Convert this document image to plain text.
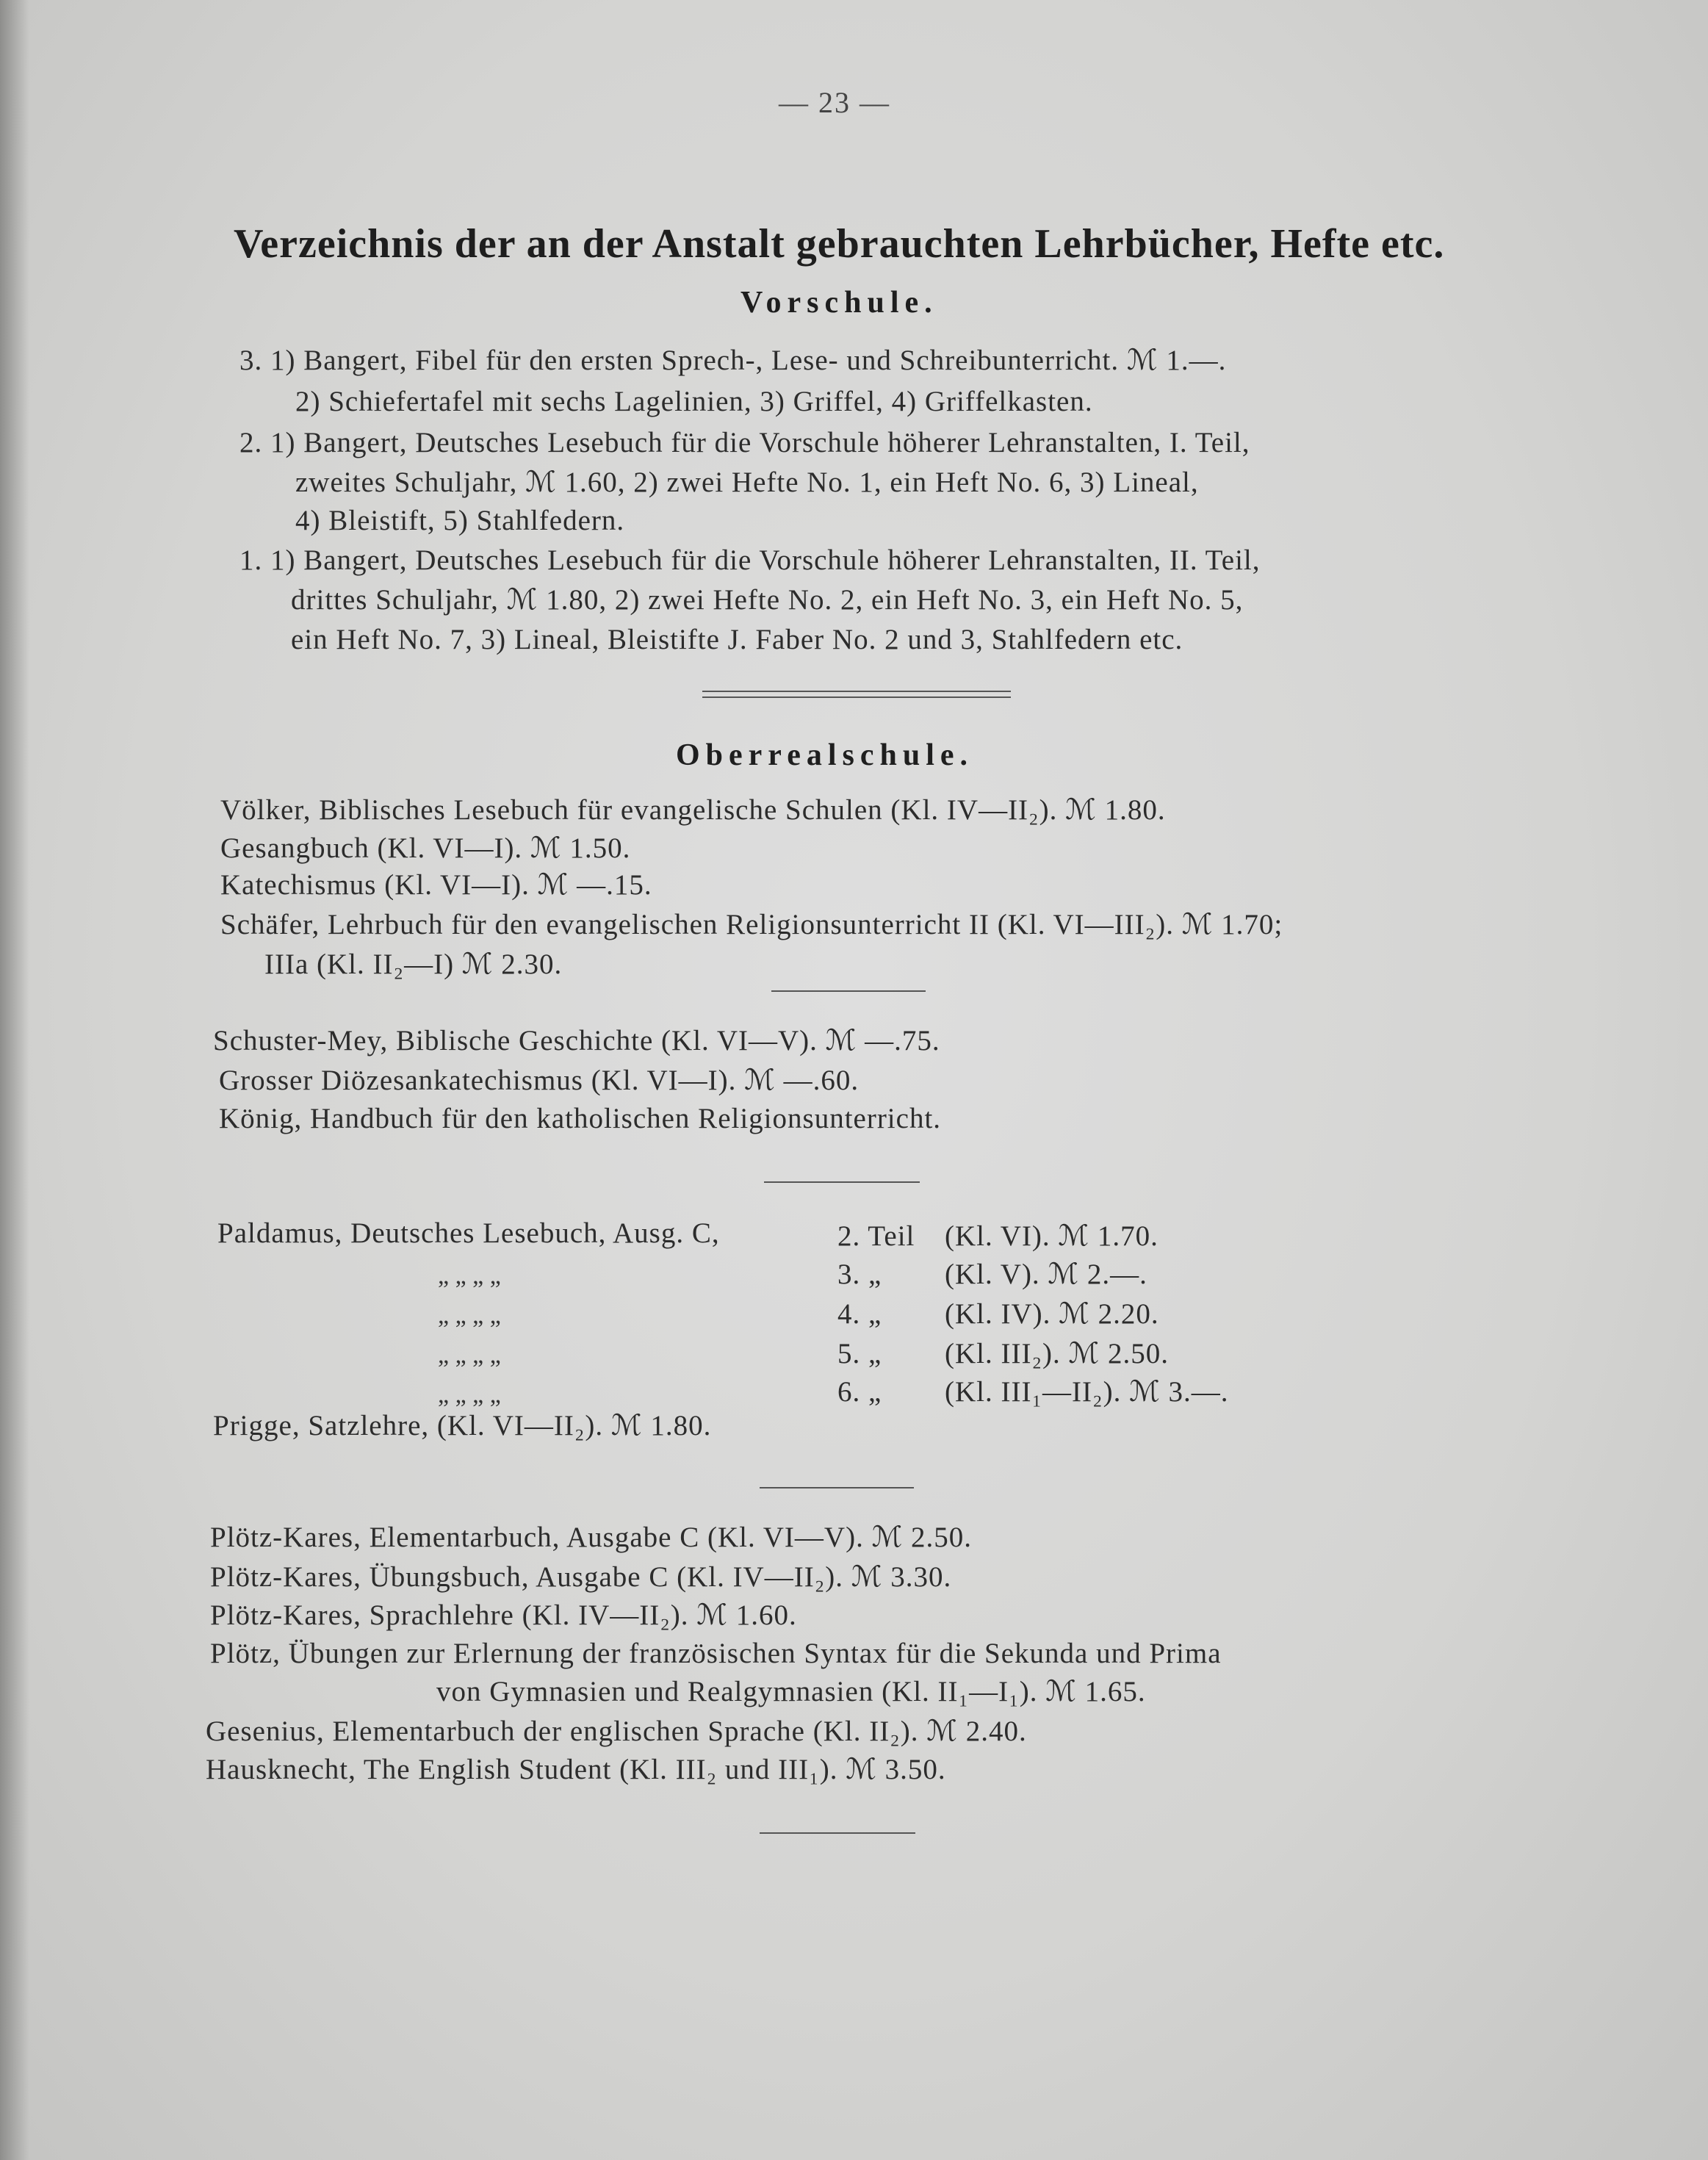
— 23 —
Verzeichnis der an der Anstalt gebrauchten Lehrbücher, Hefte etc.
Vorschule.
3. 1) Bangert, Fibel für den ersten Sprech-, Lese- und Schreibunterricht. ℳ 1.—.
2) Schiefertafel mit sechs Lagelinien, 3) Griffel, 4) Griffelkasten.
2. 1) Bangert, Deutsches Lesebuch für die Vorschule höherer Lehranstalten, I. Teil,
zweites Schuljahr, ℳ 1.60, 2) zwei Hefte No. 1, ein Heft No. 6, 3) Lineal,
4) Bleistift, 5) Stahlfedern.
1. 1) Bangert, Deutsches Lesebuch für die Vorschule höherer Lehranstalten, II. Teil,
drittes Schuljahr, ℳ 1.80, 2) zwei Hefte No. 2, ein Heft No. 3, ein Heft No. 5,
ein Heft No. 7, 3) Lineal, Bleistifte J. Faber No. 2 und 3, Stahlfedern etc.
Oberrealschule.
Völker, Biblisches Lesebuch für evangelische Schulen (Kl. IV—II₂). ℳ 1.80.
Gesangbuch (Kl. VI—I). ℳ 1.50.
Katechismus (Kl. VI—I). ℳ —.15.
Schäfer, Lehrbuch für den evangelischen Religionsunterricht II (Kl. VI—III₂). ℳ 1.70;
IIIa (Kl. II₂—I) ℳ 2.30.
Schuster-Mey, Biblische Geschichte (Kl. VI—V). ℳ —.75.
Grosser Diözesankatechismus (Kl. VI—I). ℳ —.60.
König, Handbuch für den katholischen Religionsunterricht.
Paldamus, Deutsches Lesebuch, Ausg. C,	2. Teil (Kl. VI). ℳ 1.70.
„ „ „ „	3. „ (Kl. V). ℳ 2.—.
„ „ „ „	4. „ (Kl. IV). ℳ 2.20.
„ „ „ „	5. „ (Kl. III₂). ℳ 2.50.
„ „ „ „	6. „ (Kl. III₁—II₂). ℳ 3.—.
Prigge, Satzlehre, (Kl. VI—II₂). ℳ 1.80.
Plötz-Kares, Elementarbuch, Ausgabe C (Kl. VI—V). ℳ 2.50.
Plötz-Kares, Übungsbuch, Ausgabe C (Kl. IV—II₂). ℳ 3.30.
Plötz-Kares, Sprachlehre (Kl. IV—II₂). ℳ 1.60.
Plötz, Übungen zur Erlernung der französischen Syntax für die Sekunda und Prima
von Gymnasien und Realgymnasien (Kl. II₁—I₁). ℳ 1.65.
Gesenius, Elementarbuch der englischen Sprache (Kl. II₂). ℳ 2.40.
Hausknecht, The English Student (Kl. III₂ und III₁). ℳ 3.50.
